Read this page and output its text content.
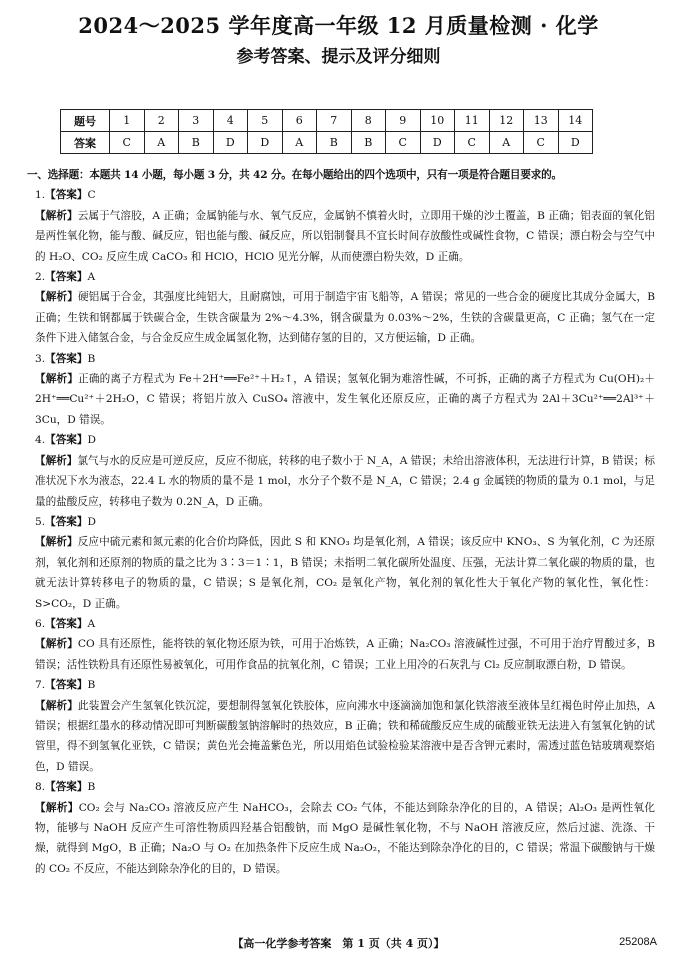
2024～2025 学年度高一年级 12 月质量检测 · 化学
参考答案、提示及评分细则
题号	1	2	3	4	5	6	7	8	9	10	11	12	13	14
答案	C	A	B	D	D	A	B	B	C	D	C	A	C	D

一、选择题：本题共 14 小题，每小题 3 分，共 42 分。在每小题给出的四个选项中，只有一项是符合题目要求的。

1.【答案】C

【解析】云属于气溶胶，A 正确；金属钠能与水、氧气反应，金属钠不慎着火时，立即用干燥的沙土覆盖，B 正确；铝表面的氧化铝是两性氧化物，能与酸、碱反应，铝也能与酸、碱反应，所以铝制餐具不宜长时间存放酸性或碱性食物，C 错误；漂白粉会与空气中的 H₂O、CO₂ 反应生成 CaCO₃ 和 HClO，HClO 见光分解，从而使漂白粉失效，D 正确。

2.【答案】A

【解析】硬铝属于合金，其强度比纯铝大，且耐腐蚀，可用于制造宇宙飞船等，A 错误；常见的一些合金的硬度比其成分金属大，B 正确；生铁和钢都属于铁碳合金，生铁含碳量为 2%～4.3%，钢含碳量为 0.03%～2%，生铁的含碳量更高，C 正确；氢气在一定条件下进入储氢合金，与合金反应生成金属氢化物，达到储存氢的目的，又方便运输，D 正确。

3.【答案】B

【解析】正确的离子方程式为 Fe＋2H⁺══Fe²⁺＋H₂↑，A 错误；氢氧化铜为难溶性碱，不可拆，正确的离子方程式为 Cu(OH)₂＋2H⁺══Cu²⁺＋2H₂O，C 错误；将铝片放入 CuSO₄ 溶液中，发生氧化还原反应，正确的离子方程式为 2Al＋3Cu²⁺══2Al³⁺＋3Cu，D 错误。

4.【答案】D

【解析】氯气与水的反应是可逆反应，反应不彻底，转移的电子数小于 N_A，A 错误；未给出溶液体积，无法进行计算，B 错误；标准状况下水为液态，22.4 L 水的物质的量不是 1 mol，水分子个数不是 N_A，C 错误；2.4 g 金属镁的物质的量为 0.1 mol，与足量的盐酸反应，转移电子数为 0.2N_A，D 正确。

5.【答案】D

【解析】反应中硫元素和氮元素的化合价均降低，因此 S 和 KNO₃ 均是氧化剂，A 错误；该反应中 KNO₃、S 为氧化剂，C 为还原剂，氧化剂和还原剂的物质的量之比为 3∶3＝1∶1，B 错误；未指明二氧化碳所处温度、压强，无法计算二氧化碳的物质的量，也就无法计算转移电子的物质的量，C 错误；S 是氧化剂，CO₂ 是氧化产物，氧化剂的氧化性大于氧化产物的氧化性，氧化性：S>CO₂，D 正确。

6.【答案】A

【解析】CO 具有还原性，能将铁的氧化物还原为铁，可用于冶炼铁，A 正确；Na₂CO₃ 溶液碱性过强，不可用于治疗胃酸过多，B 错误；活性铁粉具有还原性易被氧化，可用作食品的抗氧化剂，C 错误；工业上用冷的石灰乳与 Cl₂ 反应制取漂白粉，D 错误。

7.【答案】B

【解析】此装置会产生氢氧化铁沉淀，要想制得氢氧化铁胶体，应向沸水中逐滴滴加饱和氯化铁溶液至液体呈红褐色时停止加热，A 错误；根据红墨水的移动情况即可判断碳酸氢钠溶解时的热效应，B 正确；铁和稀硫酸反应生成的硫酸亚铁无法进入有氢氧化钠的试管里，得不到氢氧化亚铁，C 错误；黄色光会掩盖紫色光，所以用焰色试验检验某溶液中是否含钾元素时，需透过蓝色钴玻璃观察焰色，D 错误。

8.【答案】B

【解析】CO₂ 会与 Na₂CO₃ 溶液反应产生 NaHCO₃，会除去 CO₂ 气体，不能达到除杂净化的目的，A 错误；Al₂O₃ 是两性氧化物，能够与 NaOH 反应产生可溶性物质四羟基合铝酸钠，而 MgO 是碱性氧化物，不与 NaOH 溶液反应，然后过滤、洗涤、干燥，就得到 MgO，B 正确；Na₂O 与 O₂ 在加热条件下反应生成 Na₂O₂，不能达到除杂净化的目的，C 错误；常温下碳酸钠与干燥的 CO₂ 不反应，不能达到除杂净化的目的，D 错误。

【高一化学参考答案　第 1 页（共 4 页）】	25208A
